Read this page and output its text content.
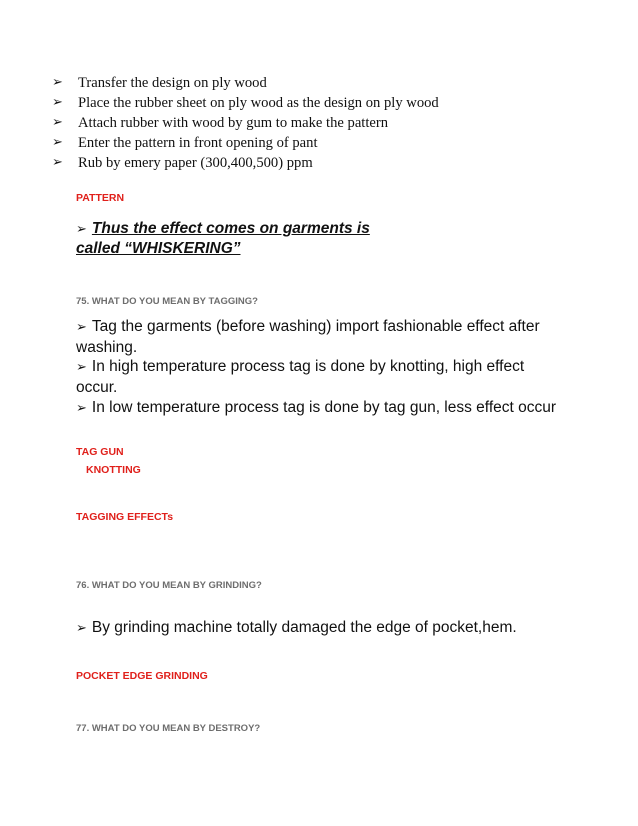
➢ Transfer the design on ply wood
➢ Place the rubber sheet on ply wood as the design on ply wood
➢ Attach rubber with wood by gum to make the pattern
➢ Enter the pattern in front opening of pant
➢ Rub by emery paper (300,400,500) ppm
PATTERN
➢ Thus the effect comes on garments is
called “WHISKERING”
75. WHAT DO YOU MEAN BY TAGGING?

➢ Tag the garments (before washing) import fashionable effect after washing.

➢ In high temperature process tag is done by knotting, high effect occur.

➢ In low temperature process tag is done by tag gun, less effect occur

TAG GUN
KNOTTING
TAGGING EFFECTs
76. WHAT DO YOU MEAN BY GRINDING?

➢ By grinding machine totally damaged the edge of pocket,hem.

POCKET EDGE GRINDING
77. WHAT DO YOU MEAN BY DESTROY?
